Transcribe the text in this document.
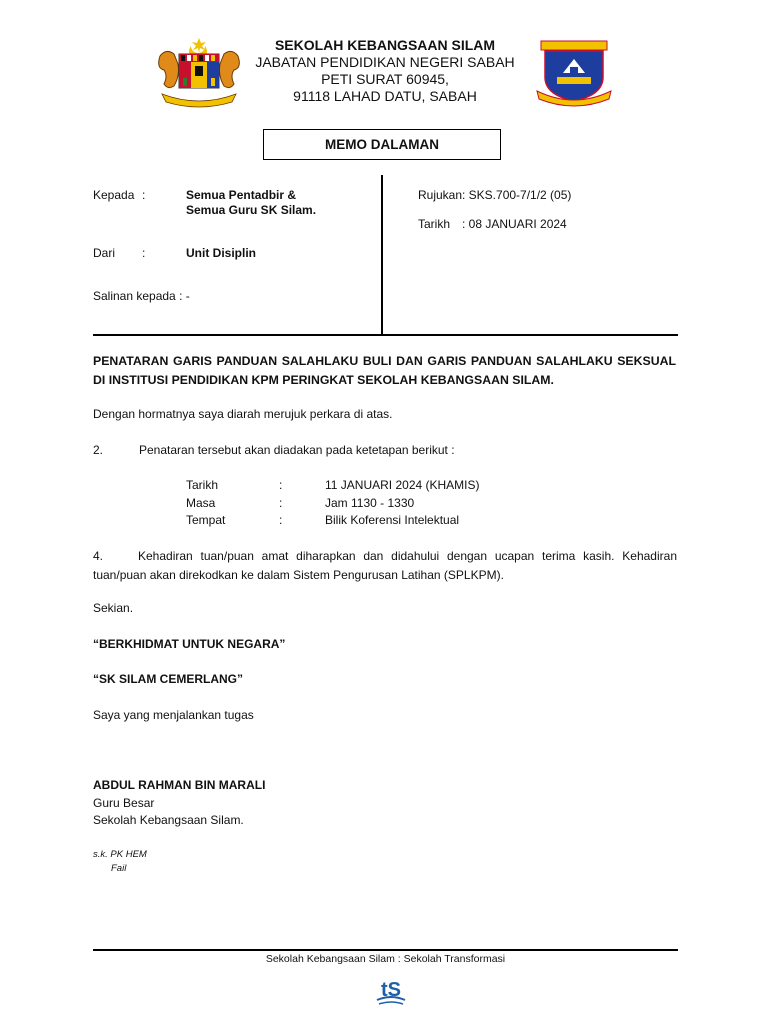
SEKOLAH KEBANGSAAN SILAM
JABATAN PENDIDIKAN NEGERI SABAH
PETI SURAT 60945,
91118 LAHAD DATU, SABAH
MEMO DALAMAN
Kepada :	Semua Pentadbir &
Semua Guru SK Silam.
Dari :	Unit Disiplin
Salinan kepada : -
Rujukan : SKS.700-7/1/2 (05)
Tarikh : 08 JANUARI 2024
PENATARAN GARIS PANDUAN SALAHLAKU BULI DAN GARIS PANDUAN SALAHLAKU SEKSUAL DI INSTITUSI PENDIDIKAN KPM PERINGKAT SEKOLAH KEBANGSAAN SILAM.
Dengan hormatnya saya diarah merujuk perkara di atas.
2.	Penataran tersebut akan diadakan pada ketetapan berikut :
Tarikh	:	11 JANUARI 2024 (KHAMIS)
Masa	:	Jam 1130 - 1330
Tempat	:	Bilik Koferensi Intelektual
4.	Kehadiran tuan/puan amat diharapkan dan didahului dengan ucapan terima kasih. Kehadiran tuan/puan akan direkodkan ke dalam Sistem Pengurusan Latihan (SPLKPM).
Sekian.
“BERKHIDMAT UNTUK NEGARA”
“SK SILAM CEMERLANG”
Saya yang menjalankan tugas
ABDUL RAHMAN BIN MARALI
Guru Besar
Sekolah Kebangsaan Silam.
s.k. PK HEM
Fail
Sekolah Kebangsaan Silam : Sekolah Transformasi
tS
